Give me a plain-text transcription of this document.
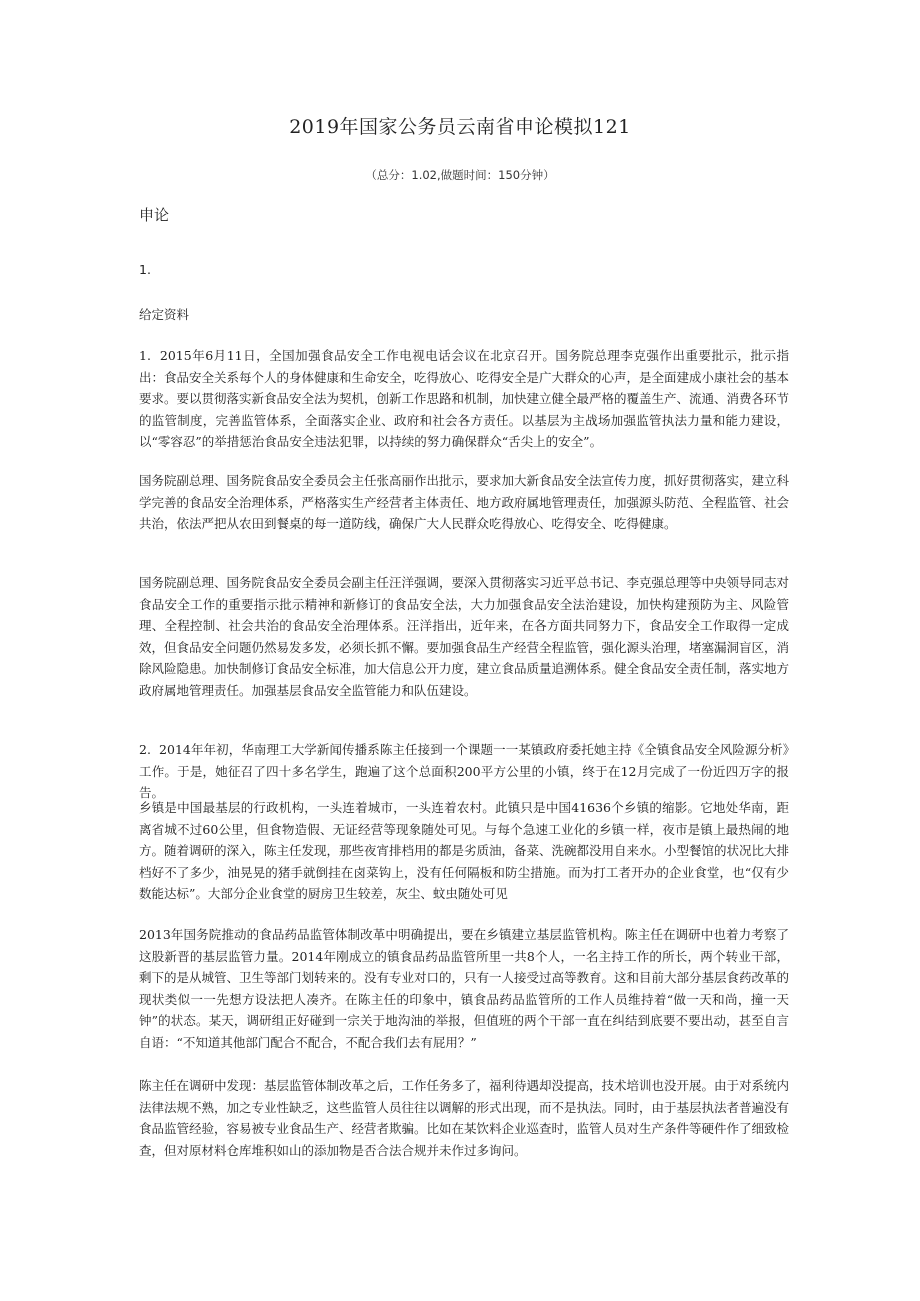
2019年国家公务员云南省申论模拟121
（总分：1.02,做题时间：150分钟）
申论
1.
给定资料

1.  2015年6月11日，全国加强食品安全工作电视电话会议在北京召开。国务院总理李克强作出重要批示，批示指出：食品安全关系每个人的身体健康和生命安全，吃得放心、吃得安全是广大群众的心声，是全面建成小康社会的基本要求。要以贯彻落实新食品安全法为契机，创新工作思路和机制，加快建立健全最严格的覆盖生产、流通、消费各环节的监管制度，完善监管体系，全面落实企业、政府和社会各方责任。以基层为主战场加强监管执法力量和能力建设，以“零容忍”的举措惩治食品安全违法犯罪，以持续的努力确保群众“舌尖上的安全”。

国务院副总理、国务院食品安全委员会主任张高丽作出批示，要求加大新食品安全法宣传力度，抓好贯彻落实，建立科学完善的食品安全治理体系，严格落实生产经营者主体责任、地方政府属地管理责任，加强源头防范、全程监管、社会共治，依法严把从农田到餐桌的每一道防线，确保广大人民群众吃得放心、吃得安全、吃得健康。

国务院副总理、国务院食品安全委员会副主任汪洋强调，要深入贯彻落实习近平总书记、李克强总理等中央领导同志对食品安全工作的重要指示批示精神和新修订的食品安全法，大力加强食品安全法治建设，加快构建预防为主、风险管理、全程控制、社会共治的食品安全治理体系。汪洋指出，近年来，在各方面共同努力下，食品安全工作取得一定成效，但食品安全问题仍然易发多发，必须长抓不懈。要加强食品生产经营全程监管，强化源头治理，堵塞漏洞盲区，消除风险隐患。加快制修订食品安全标准，加大信息公开力度，建立食品质量追溯体系。健全食品安全责任制，落实地方政府属地管理责任。加强基层食品安全监管能力和队伍建设。

2.  2014年年初，华南理工大学新闻传播系陈主任接到一个课题一一某镇政府委托她主持《全镇食品安全风险源分析》工作。于是，她征召了四十多名学生，跑遍了这个总面积200平方公里的小镇，终于在12月完成了一份近四万字的报告。

乡镇是中国最基层的行政机构，一头连着城市，一头连着农村。此镇只是中国41636个乡镇的缩影。它地处华南，距离省城不过60公里，但食物造假、无证经营等现象随处可见。与每个急速工业化的乡镇一样，夜市是镇上最热闹的地方。随着调研的深入，陈主任发现，那些夜宵排档用的都是劣质油，备菜、洗碗都没用自来水。小型餐馆的状况比大排档好不了多少，油晃晃的猪手就倒挂在卤菜钩上，没有任何隔板和防尘措施。而为打工者开办的企业食堂，也“仅有少数能达标”。大部分企业食堂的厨房卫生较差，灰尘、蚊虫随处可见

2013年国务院推动的食品药品监管体制改革中明确提出，要在乡镇建立基层监管机构。陈主任在调研中也着力考察了这股新晋的基层监管力量。2014年刚成立的镇食品药品监管所里一共8个人，一名主持工作的所长，两个转业干部，剩下的是从城管、卫生等部门划转来的。没有专业对口的，只有一人接受过高等教育。这和目前大部分基层食药改革的现状类似一一先想方设法把人凑齐。在陈主任的印象中，镇食品药品监管所的工作人员维持着“做一天和尚，撞一天钟”的状态。某天，调研组正好碰到一宗关于地沟油的举报，但值班的两个干部一直在纠结到底要不要出动，甚至自言自语：“不知道其他部门配合不配合，不配合我们去有屁用？”

陈主任在调研中发现：基层监管体制改革之后，工作任务多了，福利待遇却没提高，技术培训也没开展。由于对系统内法律法规不熟，加之专业性缺乏，这些监管人员往往以调解的形式出现，而不是执法。同时，由于基层执法者普遍没有食品监管经验，容易被专业食品生产、经营者欺骗。比如在某饮料企业巡查时，监管人员对生产条件等硬件作了细致检查，但对原材料仓库堆积如山的添加物是否合法合规并未作过多询问。
